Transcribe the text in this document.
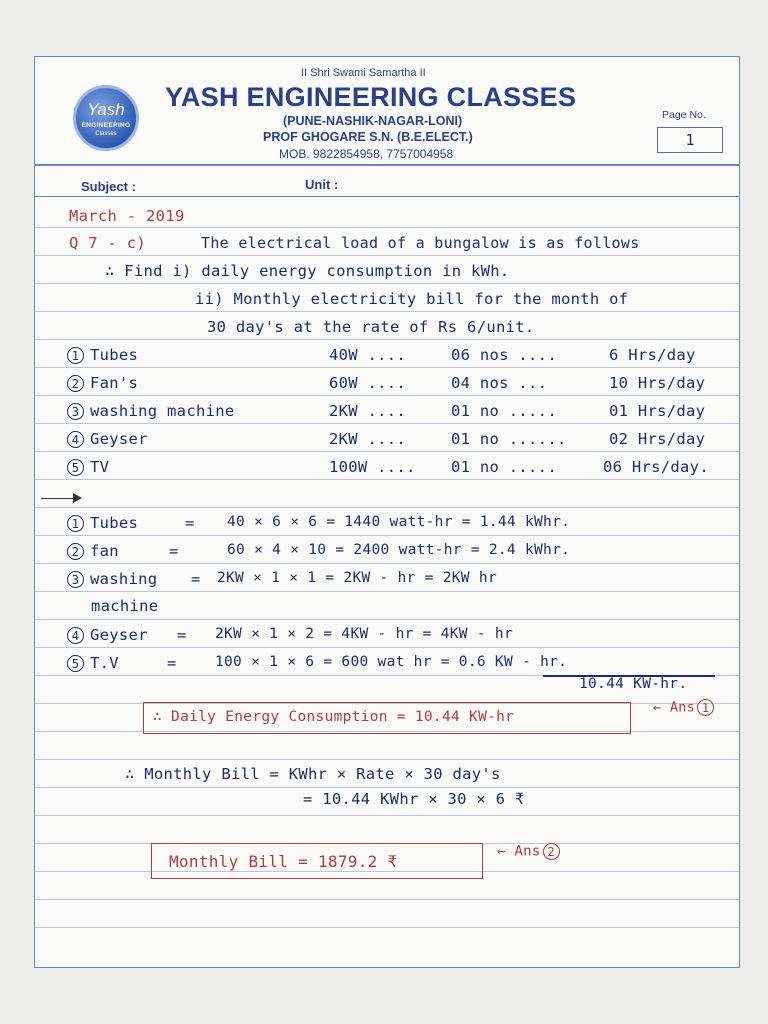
Yash
ENGINEERING
Classes
II Shri Swami Samartha II
YASH ENGINEERING CLASSES
(PUNE-NASHIK-NAGAR-LONI)
PROF GHOGARE S.N. (B.E.ELECT.)
MOB. 9822854958, 7757004958
Page No.
1
Subject :	Unit :
March - 2019
Q 7 - c)	The electrical load of a bungalow is as follows
∴ Find i) daily energy consumption in kWh.
ii) Monthly electricity bill for the month of
30 day's at the rate of Rs 6/unit.
1 Tubes	40W ....	06 nos ....	6 Hrs/day
2 Fan's	60W ....	04 nos ...	10 Hrs/day
3 washing machine	2KW ....	01 no .....	01 Hrs/day
4 Geyser	2KW ....	01 no ......	02 Hrs/day
5 TV	100W .... 01 no .....	06 Hrs/day.
1 Tubes	= 40 × 6 × 6 = 1440 watt-hr = 1.44 kWhr.
2 fan	=	60 × 4 × 10 = 2400 watt-hr = 2.4 kWhr.
3 washing = 2KW × 1 × 1 = 2KW - hr = 2KW hr
machine
4 Geyser = 2KW × 1 × 2 = 4KW - hr = 4KW - hr
5 T.V	=	100 × 1 × 6 = 600 wat hr = 0.6 KW - hr.
10.44 KW-hr.
∴ Daily Energy Consumption = 10.44 KW-hr
← Ans 1
∴ Monthly Bill = KWhr × Rate × 30 day's
= 10.44 KWhr × 30 × 6 ₹
Monthly Bill = 1879.2 ₹
← Ans 2
